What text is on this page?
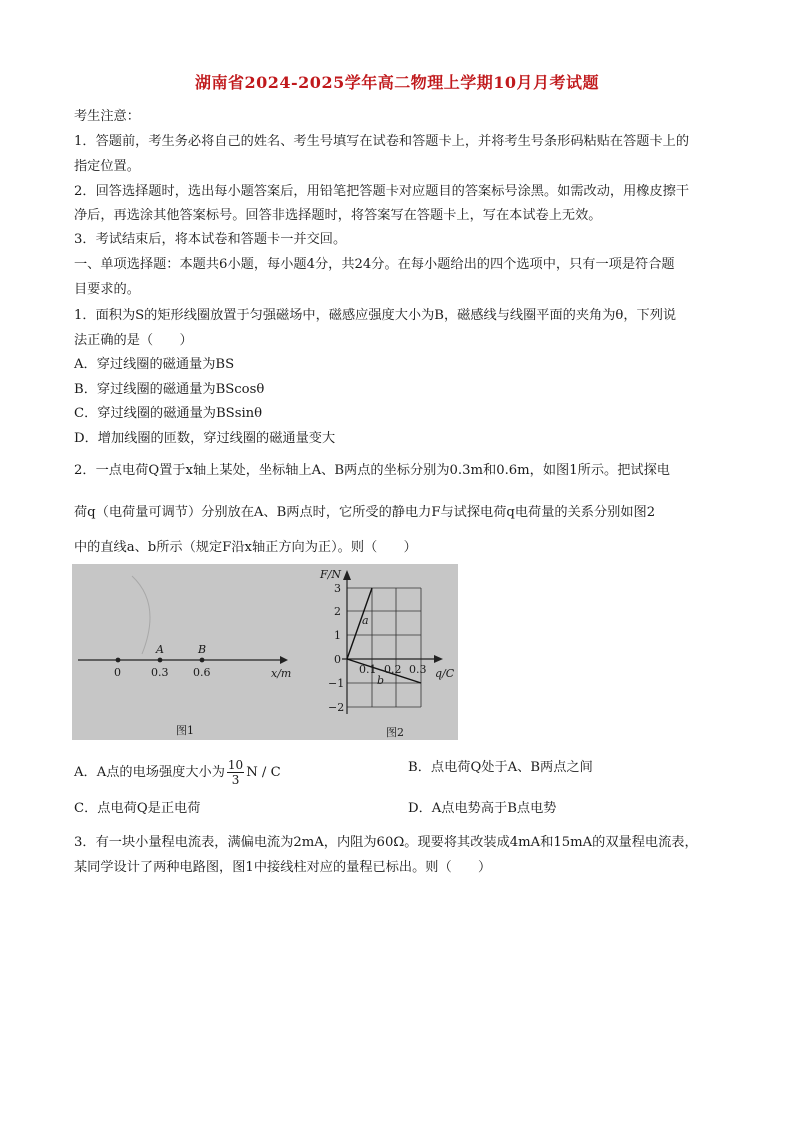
湖南省2024-2025学年高二物理上学期10月月考试题
考生注意：
1．答题前，考生务必将自己的姓名、考生号填写在试卷和答题卡上，并将考生号条形码粘贴在答题卡上的
指定位置。
2．回答选择题时，选出每小题答案后，用铅笔把答题卡对应题目的答案标号涂黑。如需改动，用橡皮擦干
净后，再选涂其他答案标号。回答非选择题时，将答案写在答题卡上，写在本试卷上无效。
3．考试结束后，将本试卷和答题卡一并交回。
一、单项选择题：本题共6小题，每小题4分，共24分。在每小题给出的四个选项中，只有一项是符合题
目要求的。
1．面积为S的矩形线圈放置于匀强磁场中，磁感应强度大小为B，磁感线与线圈平面的夹角为θ，下列说
法正确的是（　　）
A．穿过线圈的磁通量为BS
B．穿过线圈的磁通量为BScosθ
C．穿过线圈的磁通量为BSsinθ
D．增加线圈的匝数，穿过线圈的磁通量变大
2．一点电荷Q置于x轴上某处，坐标轴上A、B两点的坐标分别为0.3m和0.6m，如图1所示。把试探电
荷q（电荷量可调节）分别放在A、B两点时，它所受的静电力F与试探电荷q电荷量的关系分别如图2
中的直线a、b所示（规定F沿x轴正方向为正）。则（　　）
0
A	B
0.3 0.6	x/m
图1
a
b
F/N
q/C
3
2
1
0
−1
−2
0.1 0.2 0.3
图2
A．A点的电场强度大小为 $\frac{10}{3}$ N / C	B．点电荷Q处于A、B两点之间
C．点电荷Q是正电荷	D．A点电势高于B点电势
3．有一块小量程电流表，满偏电流为2mA，内阻为60Ω。现要将其改装成4mA和15mA的双量程电流表，
某同学设计了两种电路图，图1中接线柱对应的量程已标出。则（　　）
